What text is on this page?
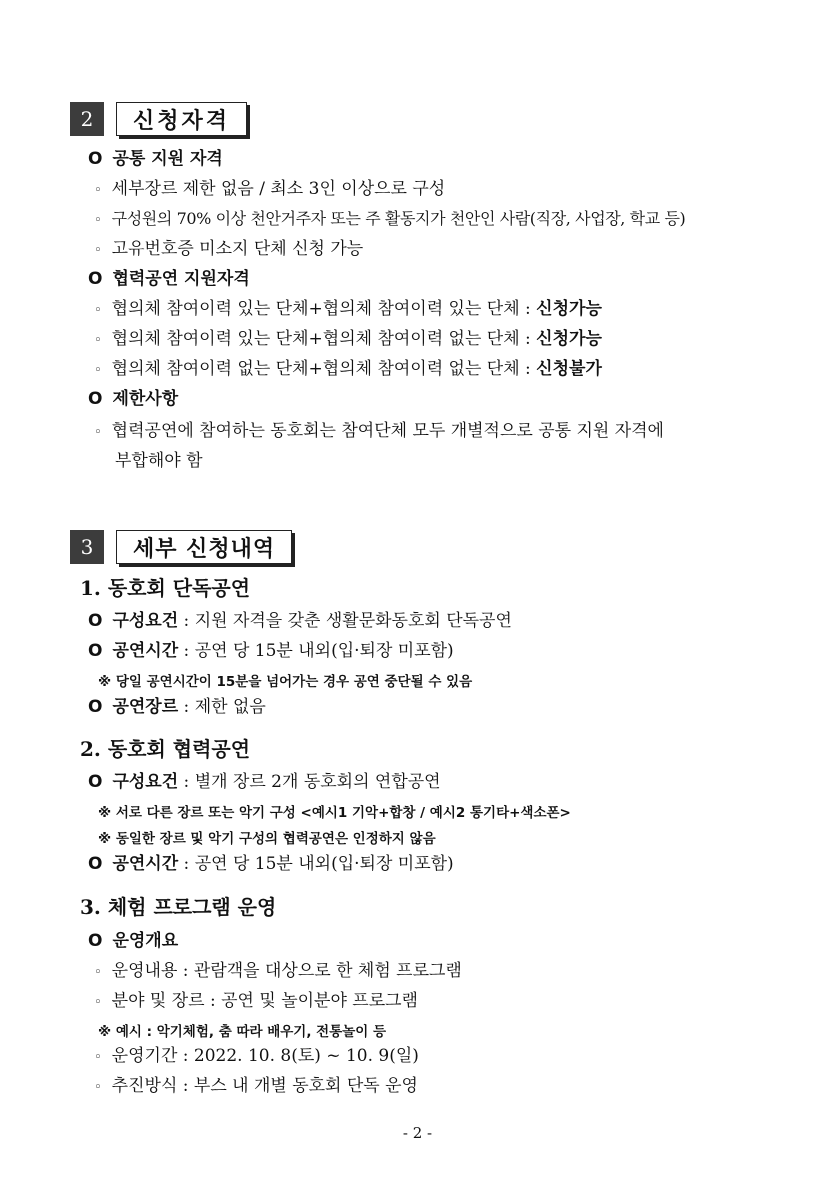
2	신청자격
O 공통 지원 자격
◦ 세부장르 제한 없음 / 최소 3인 이상으로 구성
◦ 구성원의 70% 이상 천안거주자 또는 주 활동지가 천안인 사람(직장, 사업장, 학교 등)
◦ 고유번호증 미소지 단체 신청 가능
O 협력공연 지원자격
◦ 협의체 참여이력 있는 단체+협의체 참여이력 있는 단체 : 신청가능
◦ 협의체 참여이력 있는 단체+협의체 참여이력 없는 단체 : 신청가능
◦ 협의체 참여이력 없는 단체+협의체 참여이력 없는 단체 : 신청불가
O 제한사항
◦ 협력공연에 참여하는 동호회는 참여단체 모두 개별적으로 공통 지원 자격에
부합해야 함
3	세부 신청내역
1. 동호회 단독공연
O 구성요건 : 지원 자격을 갖춘 생활문화동호회 단독공연
O 공연시간 : 공연 당 15분 내외(입·퇴장 미포함)
※ 당일 공연시간이 15분을 넘어가는 경우 공연 중단될 수 있음
O 공연장르 : 제한 없음
2. 동호회 협력공연
O 구성요건 : 별개 장르 2개 동호회의 연합공연
※ 서로 다른 장르 또는 악기 구성 <예시1 기악+합창 / 예시2 통기타+색소폰>
※ 동일한 장르 및 악기 구성의 협력공연은 인정하지 않음
O 공연시간 : 공연 당 15분 내외(입·퇴장 미포함)
3. 체험 프로그램 운영
O 운영개요
◦ 운영내용 : 관람객을 대상으로 한 체험 프로그램
◦ 분야 및 장르 : 공연 및 놀이분야 프로그램
※ 예시 : 악기체험, 춤 따라 배우기, 전통놀이 등
◦ 운영기간 : 2022. 10. 8(토) ~ 10. 9(일)
◦ 추진방식 : 부스 내 개별 동호회 단독 운영
- 2 -
